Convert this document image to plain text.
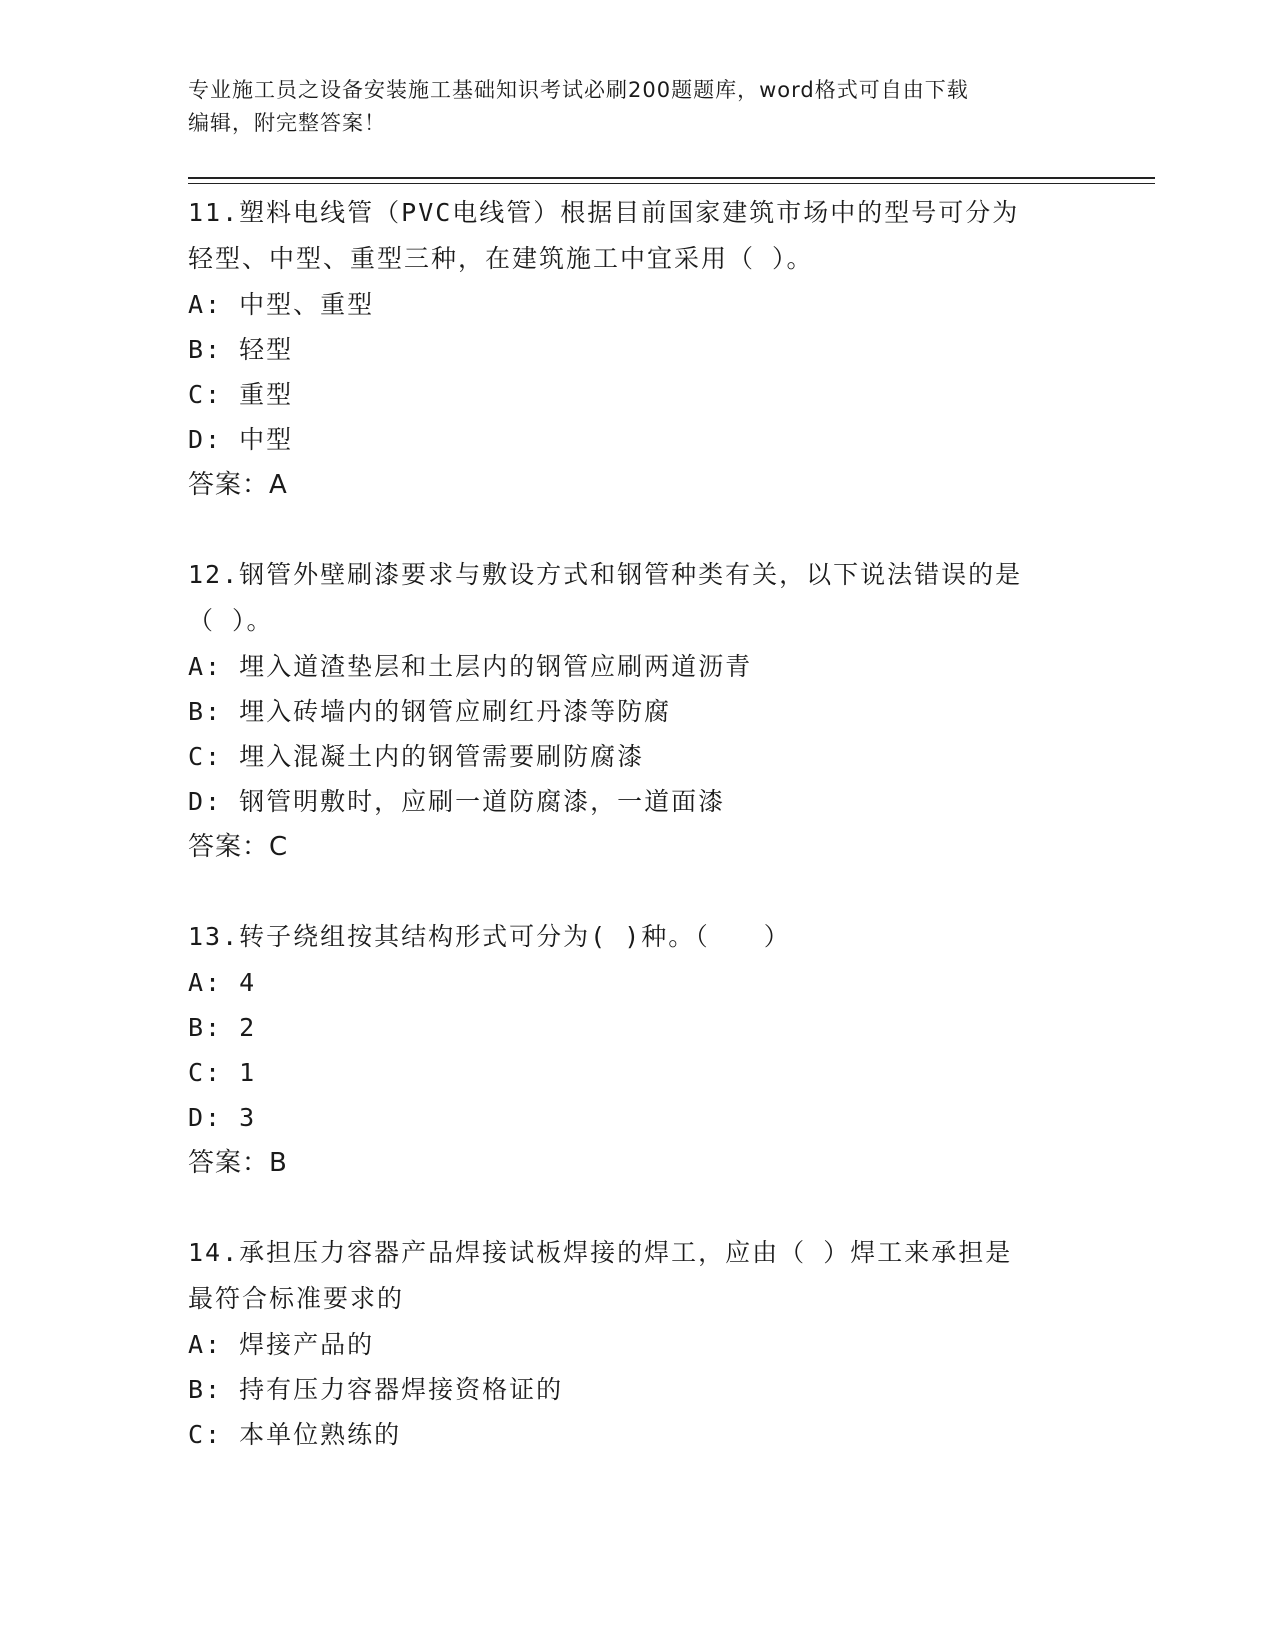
专业施工员之设备安装施工基础知识考试必刷200题题库，word格式可自由下载
编辑，附完整答案！
11.塑料电线管（PVC电线管）根据目前国家建筑市场中的型号可分为
轻型、中型、重型三种，在建筑施工中宜采用（ ）。
A: 中型、重型
B: 轻型
C: 重型
D: 中型
答案：A
12.钢管外壁刷漆要求与敷设方式和钢管种类有关，以下说法错误的是
（ ）。
A: 埋入道渣垫层和土层内的钢管应刷两道沥青
B: 埋入砖墙内的钢管应刷红丹漆等防腐
C: 埋入混凝土内的钢管需要刷防腐漆
D: 钢管明敷时，应刷一道防腐漆，一道面漆
答案：C
13.转子绕组按其结构形式可分为( )种。（　　）
A: 4
B: 2
C: 1
D: 3
答案：B
14.承担压力容器产品焊接试板焊接的焊工，应由（ ）焊工来承担是
最符合标准要求的
A: 焊接产品的
B: 持有压力容器焊接资格证的
C: 本单位熟练的
